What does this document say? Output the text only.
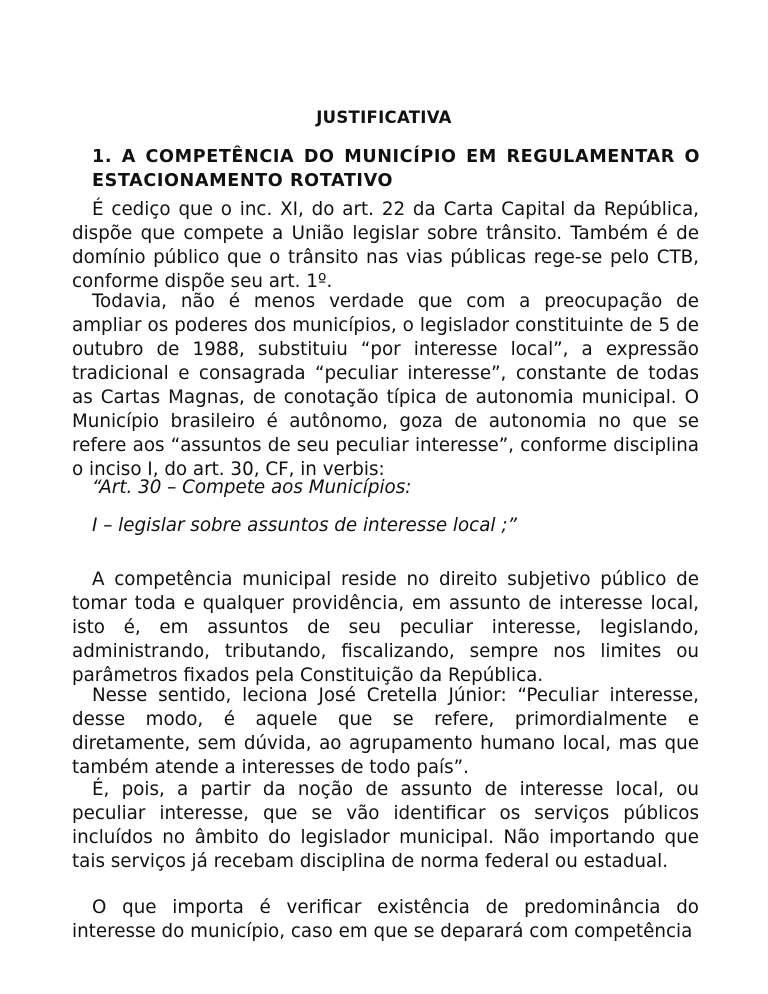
JUSTIFICATIVA
1. A COMPETÊNCIA DO MUNICÍPIO EM REGULAMENTAR O ESTACIONAMENTO ROTATIVO

É cediço que o inc. XI, do art. 22 da Carta Capital da República, dispõe que compete a União legislar sobre trânsito. Também é de domínio público que o trânsito nas vias públicas rege-se pelo CTB, conforme dispõe seu art. 1º.

Todavia, não é menos verdade que com a preocupação de ampliar os poderes dos municípios, o legislador constituinte de 5 de outubro de 1988, substituiu “por interesse local”, a expressão tradicional e consagrada “peculiar interesse”, constante de todas as Cartas Magnas, de conotação típica de autonomia municipal. O Município brasileiro é autônomo, goza de autonomia no que se refere aos “assuntos de seu peculiar interesse”, conforme disciplina o inciso I, do art. 30, CF, in verbis:

“Art. 30 – Compete aos Municípios:

I – legislar sobre assuntos de interesse local ;”

A competência municipal reside no direito subjetivo público de tomar toda e qualquer providência, em assunto de interesse local, isto é, em assuntos de seu peculiar interesse, legislando, administrando, tributando, fiscalizando, sempre nos limites ou parâmetros fixados pela Constituição da República.

Nesse sentido, leciona José Cretella Júnior: “Peculiar interesse, desse modo, é aquele que se refere, primordialmente e diretamente, sem dúvida, ao agrupamento humano local, mas que também atende a interesses de todo país”.

É, pois, a partir da noção de assunto de interesse local, ou peculiar interesse, que se vão identificar os serviços públicos incluídos no âmbito do legislador municipal. Não importando que tais serviços já recebam disciplina de norma federal ou estadual.

O que importa é verificar existência de predominância do interesse do município, caso em que se deparará com competência
